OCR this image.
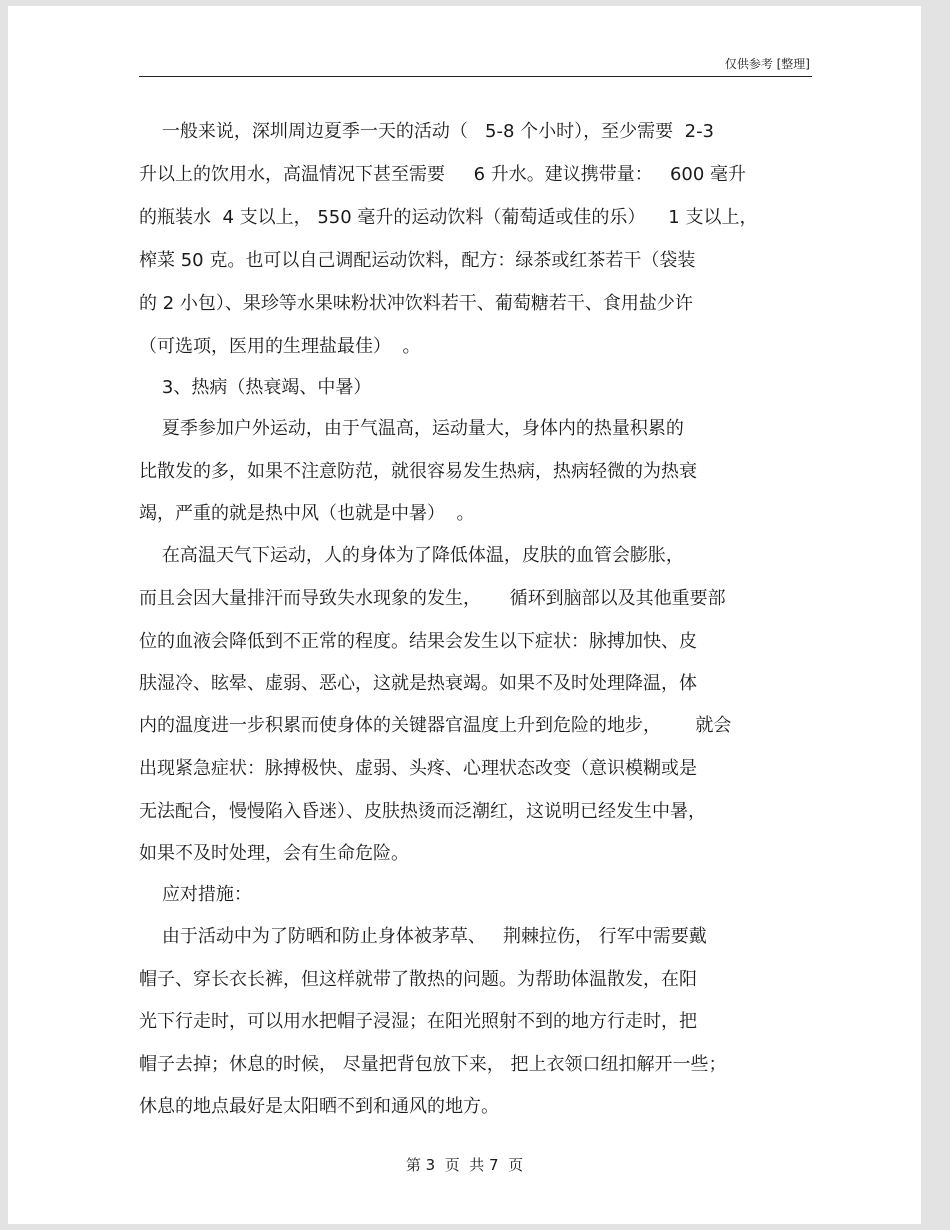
仅供参考 [整理]
一般来说，深圳周边夏季一天的活动（   5-8 个小时），至少需要  2-3
升以上的饮用水，高温情况下甚至需要     6 升水。建议携带量：   600 毫升
的瓶装水  4 支以上， 550 毫升的运动饮料（葡萄适或佳的乐）    1 支以上，
榨菜 50 克。也可以自己调配运动饮料，配方：绿茶或红茶若干（袋装
的 2 小包）、果珍等水果味粉状冲饮料若干、葡萄糖若干、食用盐少许
（可选项，医用的生理盐最佳）  。
3、热病（热衰竭、中暑）
夏季参加户外运动，由于气温高，运动量大，身体内的热量积累的
比散发的多，如果不注意防范，就很容易发生热病，热病轻微的为热衰
竭，严重的就是热中风（也就是中暑）  。
在高温天气下运动，人的身体为了降低体温，皮肤的血管会膨胀，
而且会因大量排汗而导致失水现象的发生，     循环到脑部以及其他重要部
位的血液会降低到不正常的程度。结果会发生以下症状：脉搏加快、皮
肤湿冷、眩晕、虚弱、恶心，这就是热衰竭。如果不及时处理降温，体
内的温度进一步积累而使身体的关键器官温度上升到危险的地步，      就会
出现紧急症状：脉搏极快、虚弱、头疼、心理状态改变（意识模糊或是
无法配合，慢慢陷入昏迷）、皮肤热烫而泛潮红，这说明已经发生中暑，
如果不及时处理，会有生命危险。
应对措施：
由于活动中为了防晒和防止身体被茅草、   荆棘拉伤， 行军中需要戴
帽子、穿长衣长裤，但这样就带了散热的问题。为帮助体温散发，在阳
光下行走时，可以用水把帽子浸湿；在阳光照射不到的地方行走时，把
帽子去掉；休息的时候， 尽量把背包放下来， 把上衣领口纽扣解开一些；
休息的地点最好是太阳晒不到和通风的地方。
第 3  页  共 7  页
